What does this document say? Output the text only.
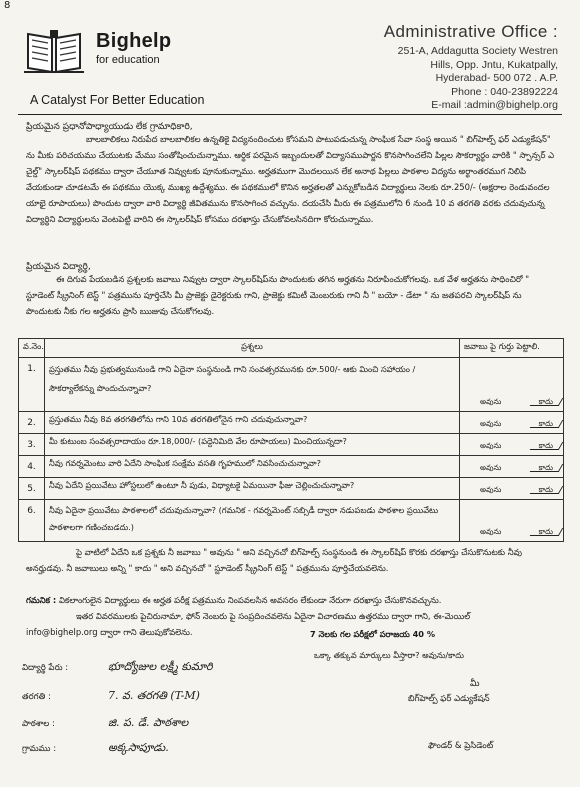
8
Bighelp
for education
A Catalyst For Better Education
Administrative Office :
251-A, Addagutta Society Westren
Hills, Opp. Jntu, Kukatpally,
Hyderabad- 500 072 . A.P.
Phone : 040-23892224
E-mail :admin@bighelp.org
ప్రియమైన ప్రధానోపాధ్యాయుడు లేక గ్రామాధికారి,
బాలబాలికలు నిరుపేద బాలబాలికల ఉన్నతికై విద్యనందించుట కోసమని పాటుపడుచున్న సాంఘిక సేవా సంస్థ అయిన " బిగ్‌హెల్ప్ ఫర్ ఎడ్యుకేషన్" ను మీకు పరిచయము చేయుటకు మేము సంతోషించుచున్నాము. ఆర్థిక పరమైన ఇబ్బందులతో విద్యాసముపార్జన కొనసాగించలేని పిల్లల సౌకర్యార్థం వారికి " స్పాన్సర్ ఎ చైల్డ్" స్కాలర్‌షిప్ పథకము ద్వారా చేయూత నివ్వుటకు పూనుకున్నాము. అర్హతముగా మొదలయిన లేక అనాథ పిల్లలు పాఠశాల విద్యను అర్థాంతరముగ నిలిపి వేయకుండా చూడటమే ఈ పథకము యొక్క ముఖ్య ఉద్దేశ్యము. ఈ పథకములో కొనిన అర్హతలతో ఎన్నుకోబడిన విద్యార్థులు నెలకు రూ.250/- (అక్షరాల రెండువందల యాభై రూపాయలు) పొందుట ద్వారా వారి విద్యార్థి జీవితమును కొనసాగించ వచ్చును. దయచేసి మీరు ఈ పత్రములోని 6 నుండి 10 వ తరగతి వరకు చదువుచున్న విద్యార్థిని విద్యార్థులను వెంటపెట్టి వారిని ఈ స్కాలర్‌షిప్ కోసము దరఖాస్తు చేసుకోవలసినదిగా కోరుచున్నాము.
ప్రియమైన విద్యార్థి,
ఈ దిగువ పేయబడిన ప్రశ్నలకు జవాబు నివ్వుట ద్వారా స్కాలర్‌షిప్‌ను పొందుటకు తగిన అర్హతను నిరూపించుకోగలవు. ఒక వేళ అర్హతను సాధించిరో " స్టూడెంట్ స్క్రీనింగ్ టెస్ట్ " పత్రమును పూర్తిచేసి మీ ప్రాజెక్టు డైరెక్టరుకు గాని, ప్రాజెక్టు కమిటీ మెంబరుకు గాని నీ " బయో - డేటా " ను జతపరచి స్కాలర్‌షిప్ ను పొందుటకు నీకు గల అర్హతను ప్రాసి ఋజువు చేసుకోగలవు.
వ.నెం.	ప్రశ్నలు	జవాబు పై గుర్తు పెట్టాలి.
1.	ప్రస్తుతము నీవు ప్రభుత్వమునుండి గాని ఏదైనా సంస్థనుండి గాని సంవత్సరమునకు రూ.500/- ఆకు మించి సహాయం / సౌకర్యాలేకన్ను పొందుచున్నావా?	అవును కాదు

2.	ప్రస్తుతము నీవు 8వ తరగతిలోను గాని 10వ తరగతిలోనైన గాని చదువుచున్నావా?	అవును కాదు

3.	మీ కుటుంబ సంవత్సరాదాయం రూ.18,000/- (పద్దెనిమిది వేల రూపాయలు) మించియున్నదా?	అవును కాదు

4.	నీవు గవర్నమెంటు వారి ఏదేని సాంఘిక సంక్షేమ వసతి గృహములో నివసించుచున్నావా?	అవును కాదు

5.	నీవు ఏదేని ప్రయివేటు హోస్టలులో ఉంటూ నీ పుడు, విధ్యాటకై ఏమయినా ఫీజు చెల్లించుచున్నావా?	అవును కాదు

6.	నీవు ఏదైనా ప్రయివేటు పాఠశాలలో చదువుచున్నావా? (గమనిక - గవర్నమెంట్ సబ్సిడీ ద్వారా నడుపబడు పాఠశాల ప్రయివేటు పాఠశాలగా గణించబడదు.)	అవును కాదు
పై వాటిలో ఏదేని ఒక ప్రశ్నకు నీ జవాబు " అవును " అని వచ్చినచో బిగ్‌హెల్ప్ సంస్థనుండి ఈ స్కాలర్‌షిప్ కొరకు దరఖాస్తు చేసుకొనుటకు నీవు అనర్హుడవు. నీ జవాబులు అన్ని " కాదు " అని వచ్చినచో " స్టూడెంట్ స్క్రీనింగ్ టెస్ట్ " పత్రమును పూర్తిచేయవలెను.
గమనిక : వికలాంగులైన విద్యార్థులు ఈ అర్హత పరీక్ష పత్రమును నింపవలసిన అవసరం లేకుండా నేరుగా దరఖాస్తు చేసుకొనవచ్చును.
ఇతర వివరములకు పైచిరునామా, ఫోన్ నెంబరు పై సంప్రదించవలెను ఏదైనా విచారణము ఉత్తరము ద్వారా గాని, ఈ-మెయిల్
info@bighelp.org ద్వారా గాని తెలుపుకోవలెను.	7 నెలకు గల పరీక్షలో పరాజయ 40 %
ఒక్కా తక్కువ మార్కులు వీస్తారా? అవును/కాదు
విద్యార్థి పేరు :	భూద్యోజుల లక్ష్మీ కుమారి
తరగతి :	7. వ. తరగతి (T-M)
పాఠశాల :	జి. ప. డే. పాఠశాల
గ్రామము :	అక్కసాపూడు.
మీ
బిగ్‌హెల్ప్ ఫర్ ఎడ్యుకేషన్
ఫౌండర్ & ప్రెసిడెంట్
